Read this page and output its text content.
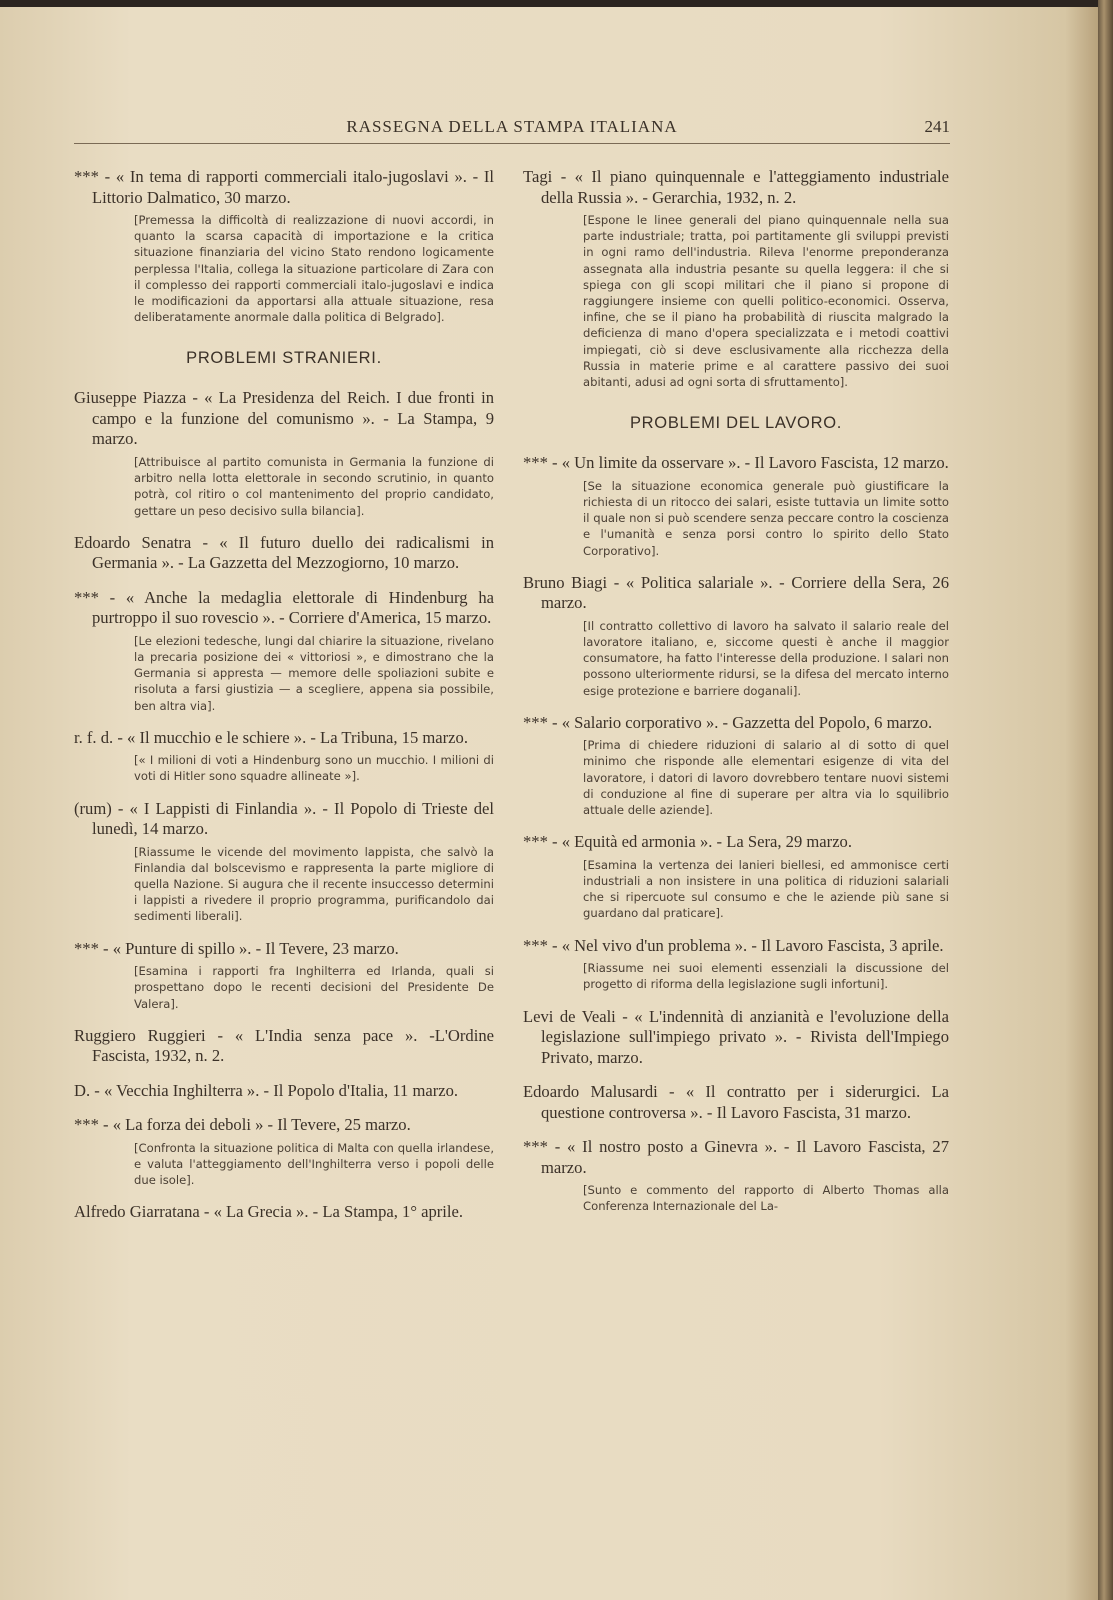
RASSEGNA DELLA STAMPA ITALIANA	241
*** - « In tema di rapporti commerciali italo-jugoslavi ». - Il Littorio Dalmatico, 30 marzo.
[Premessa la difficoltà di realizzazione di nuovi accordi, in quanto la scarsa capacità di importazione e la critica situazione finanziaria del vicino Stato rendono logicamente perplessa l'Italia, collega la situazione particolare di Zara con il complesso dei rapporti commerciali italo-jugoslavi e indica le modificazioni da apportarsi alla attuale situazione, resa deliberatamente anormale dalla politica di Belgrado].
PROBLEMI STRANIERI.
Giuseppe Piazza - « La Presidenza del Reich. I due fronti in campo e la funzione del comunismo ». - La Stampa, 9 marzo.
[Attribuisce al partito comunista in Germania la funzione di arbitro nella lotta elettorale in secondo scrutinio, in quanto potrà, col ritiro o col mantenimento del proprio candidato, gettare un peso decisivo sulla bilancia].
Edoardo Senatra - « Il futuro duello dei radicalismi in Germania ». - La Gazzetta del Mezzogiorno, 10 marzo.
*** - « Anche la medaglia elettorale di Hindenburg ha purtroppo il suo rovescio ». - Corriere d'America, 15 marzo.
[Le elezioni tedesche, lungi dal chiarire la situazione, rivelano la precaria posizione dei « vittoriosi », e dimostrano che la Germania si appresta — memore delle spoliazioni subite e risoluta a farsi giustizia — a scegliere, appena sia possibile, ben altra via].
r. f. d. - « Il mucchio e le schiere ». - La Tribuna, 15 marzo.
[« I milioni di voti a Hindenburg sono un mucchio. I milioni di voti di Hitler sono squadre allineate »].
(rum) - « I Lappisti di Finlandia ». - Il Popolo di Trieste del lunedì, 14 marzo.
[Riassume le vicende del movimento lappista, che salvò la Finlandia dal bolscevismo e rappresenta la parte migliore di quella Nazione. Si augura che il recente insuccesso determini i lappisti a rivedere il proprio programma, purificandolo dai sedimenti liberali].
*** - « Punture di spillo ». - Il Tevere, 23 marzo.
[Esamina i rapporti fra Inghilterra ed Irlanda, quali si prospettano dopo le recenti decisioni del Presidente De Valera].
Ruggiero Ruggieri - « L'India senza pace ». -L'Ordine Fascista, 1932, n. 2.
D. - « Vecchia Inghilterra ». - Il Popolo d'Italia, 11 marzo.
*** - « La forza dei deboli » - Il Tevere, 25 marzo.
[Confronta la situazione politica di Malta con quella irlandese, e valuta l'atteggiamento dell'Inghilterra verso i popoli delle due isole].
Alfredo Giarratana - « La Grecia ». - La Stampa, 1° aprile.
Tagi - « Il piano quinquennale e l'atteggiamento industriale della Russia ». - Gerarchia, 1932, n. 2.
[Espone le linee generali del piano quinquennale nella sua parte industriale; tratta, poi partitamente gli sviluppi previsti in ogni ramo dell'industria. Rileva l'enorme preponderanza assegnata alla industria pesante su quella leggera: il che si spiega con gli scopi militari che il piano si propone di raggiungere insieme con quelli politico-economici. Osserva, infine, che se il piano ha probabilità di riuscita malgrado la deficienza di mano d'opera specializzata e i metodi coattivi impiegati, ciò si deve esclusivamente alla ricchezza della Russia in materie prime e al carattere passivo dei suoi abitanti, adusi ad ogni sorta di sfruttamento].
PROBLEMI DEL LAVORO.
*** - « Un limite da osservare ». - Il Lavoro Fascista, 12 marzo.
[Se la situazione economica generale può giustificare la richiesta di un ritocco dei salari, esiste tuttavia un limite sotto il quale non si può scendere senza peccare contro la coscienza e l'umanità e senza porsi contro lo spirito dello Stato Corporativo].
Bruno Biagi - « Politica salariale ». - Corriere della Sera, 26 marzo.
[Il contratto collettivo di lavoro ha salvato il salario reale del lavoratore italiano, e, siccome questi è anche il maggior consumatore, ha fatto l'interesse della produzione. I salari non possono ulteriormente ridursi, se la difesa del mercato interno esige protezione e barriere doganali].
*** - « Salario corporativo ». - Gazzetta del Popolo, 6 marzo.
[Prima di chiedere riduzioni di salario al di sotto di quel minimo che risponde alle elementari esigenze di vita del lavoratore, i datori di lavoro dovrebbero tentare nuovi sistemi di conduzione al fine di superare per altra via lo squilibrio attuale delle aziende].
*** - « Equità ed armonia ». - La Sera, 29 marzo.
[Esamina la vertenza dei lanieri biellesi, ed ammonisce certi industriali a non insistere in una politica di riduzioni salariali che si ripercuote sul consumo e che le aziende più sane si guardano dal praticare].
*** - « Nel vivo d'un problema ». - Il Lavoro Fascista, 3 aprile.
[Riassume nei suoi elementi essenziali la discussione del progetto di riforma della legislazione sugli infortuni].
Levi de Veali - « L'indennità di anzianità e l'evoluzione della legislazione sull'impiego privato ». - Rivista dell'Impiego Privato, marzo.
Edoardo Malusardi - « Il contratto per i siderurgici. La questione controversa ». - Il Lavoro Fascista, 31 marzo.
*** - « Il nostro posto a Ginevra ». - Il Lavoro Fascista, 27 marzo.
[Sunto e commento del rapporto di Alberto Thomas alla Conferenza Internazionale del La-
